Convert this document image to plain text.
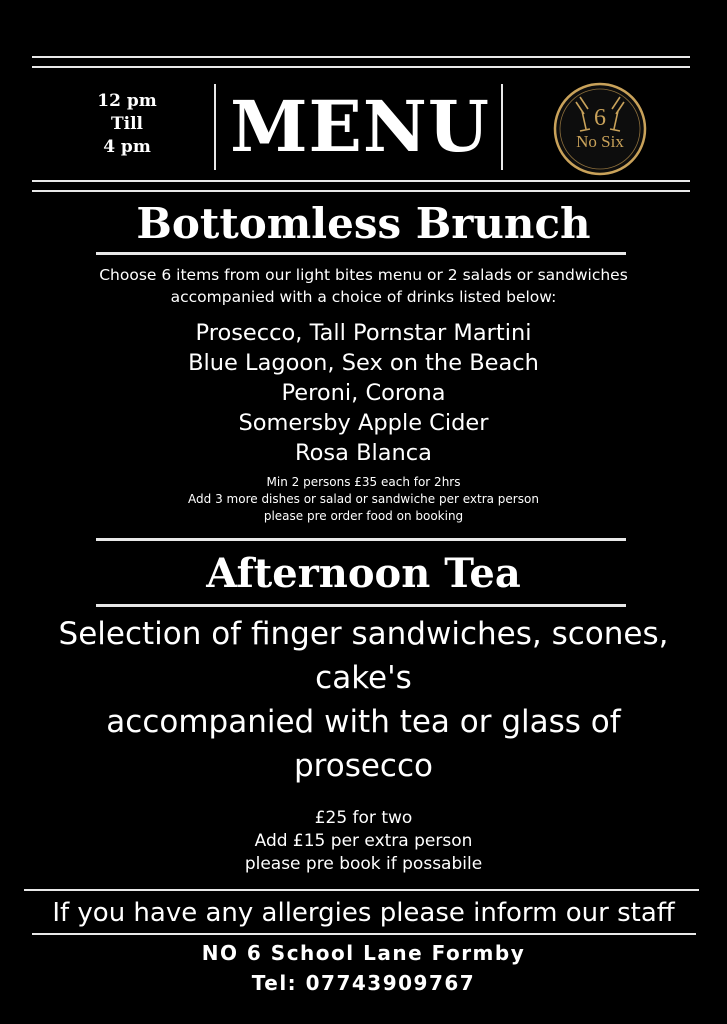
12 pm
Till
4 pm	MENU	6
No Six
Bottomless Brunch
Choose 6 items from our light bites menu or 2 salads or sandwiches
accompanied with a choice of drinks listed below:
Prosecco, Tall Pornstar Martini
Blue Lagoon, Sex on the Beach
Peroni, Corona
Somersby Apple Cider
Rosa Blanca
Min 2 persons £35 each for 2hrs
Add 3 more dishes or salad or sandwiche per extra person
please pre order food on booking
Afternoon Tea
Selection of finger sandwiches, scones,
cake's
accompanied with tea or glass of
prosecco
£25 for two
Add £15 per extra person
please pre book if possabile
If you have any allergies please inform our staff
NO 6 School Lane Formby
Tel: 07743909767
